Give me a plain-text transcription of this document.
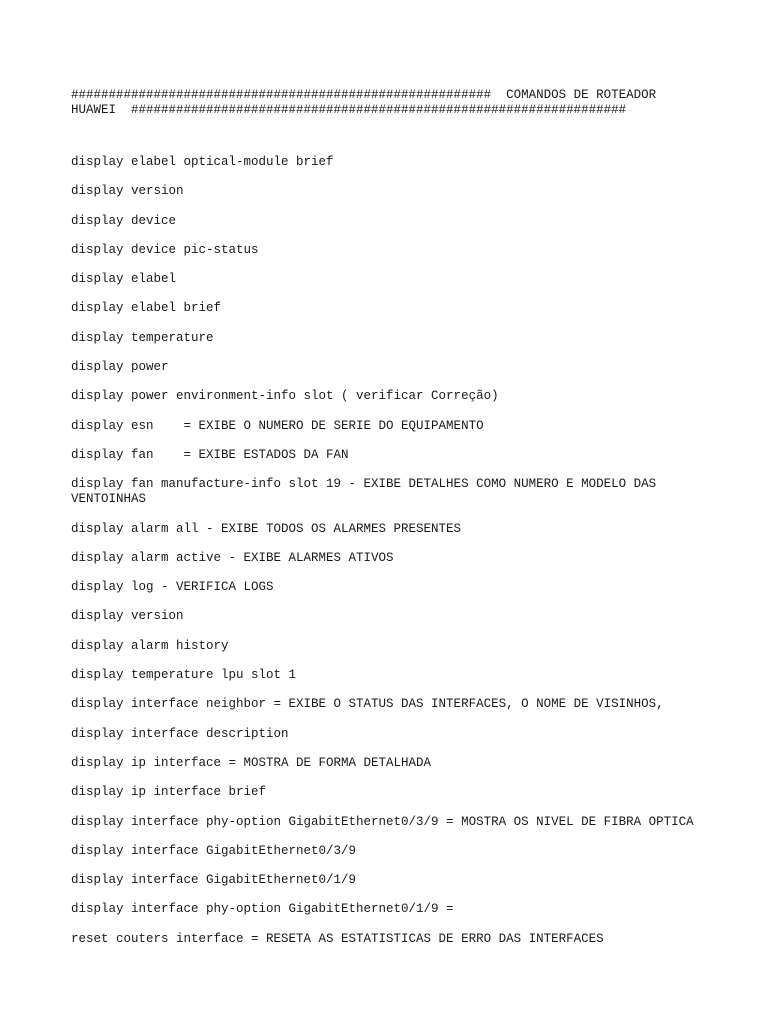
########################################################  COMANDOS DE ROTEADOR
HUAWEI  ##################################################################
display elabel optical-module brief
display version
display device
display device pic-status
display elabel
display elabel brief
display temperature
display power
display power environment-info slot ( verificar Correção)
display esn    = EXIBE O NUMERO DE SERIE DO EQUIPAMENTO
display fan    = EXIBE ESTADOS DA FAN
display fan manufacture-info slot 19 - EXIBE DETALHES COMO NUMERO E MODELO DAS
VENTOINHAS
display alarm all - EXIBE TODOS OS ALARMES PRESENTES
display alarm active - EXIBE ALARMES ATIVOS
display log - VERIFICA LOGS
display version
display alarm history
display temperature lpu slot 1
display interface neighbor = EXIBE O STATUS DAS INTERFACES, O NOME DE VISINHOS,
display interface description
display ip interface = MOSTRA DE FORMA DETALHADA
display ip interface brief
display interface phy-option GigabitEthernet0/3/9 = MOSTRA OS NIVEL DE FIBRA OPTICA
display interface GigabitEthernet0/3/9
display interface GigabitEthernet0/1/9
display interface phy-option GigabitEthernet0/1/9 =
reset couters interface = RESETA AS ESTATISTICAS DE ERRO DAS INTERFACES
